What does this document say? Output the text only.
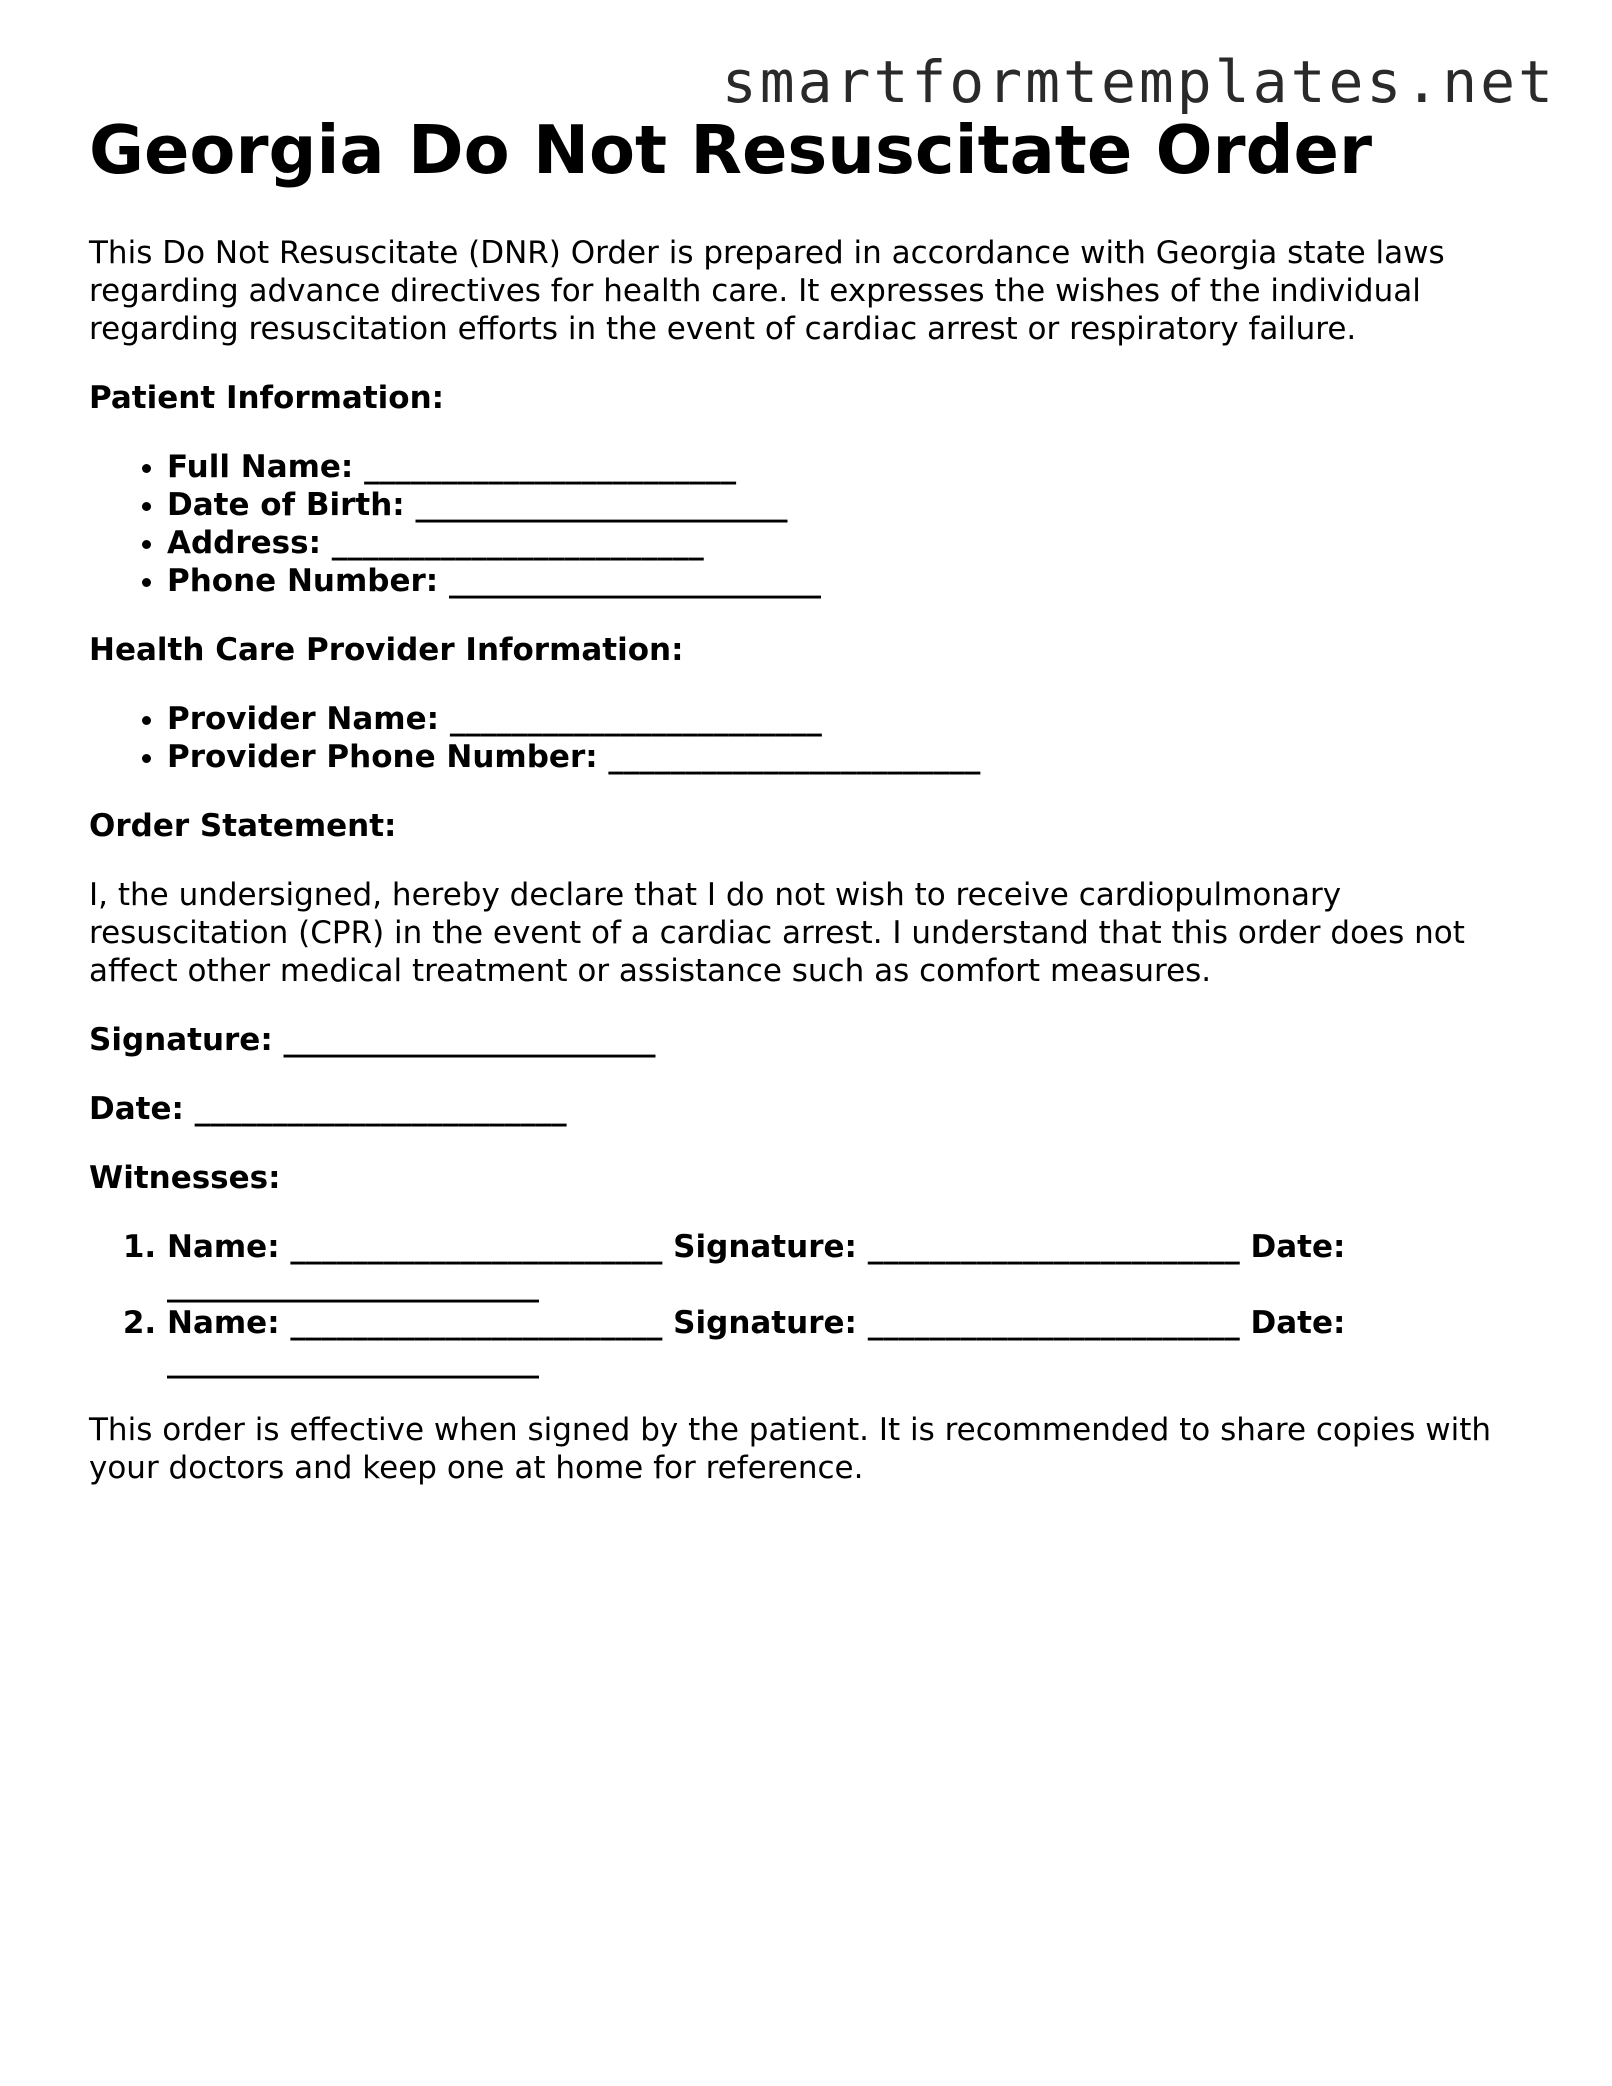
smartformtemplates.net
Georgia Do Not Resuscitate Order

This Do Not Resuscitate (DNR) Order is prepared in accordance with Georgia state laws regarding advance directives for health care. It expresses the wishes of the individual regarding resuscitation efforts in the event of cardiac arrest or respiratory failure.

Patient Information:
• Full Name: ________________________
• Date of Birth: ________________________
• Address: ________________________
• Phone Number: ________________________
Health Care Provider Information:
• Provider Name: ________________________
• Provider Phone Number: ________________________
Order Statement:

I, the undersigned, hereby declare that I do not wish to receive cardiopulmonary resuscitation (CPR) in the event of a cardiac arrest. I understand that this order does not affect other medical treatment or assistance such as comfort measures.

Signature: ________________________
Date: ________________________
Witnesses:
1. Name: ________________________ Signature: ________________________ Date: ________________________
2. Name: ________________________ Signature: ________________________ Date: ________________________

This order is effective when signed by the patient. It is recommended to share copies with your doctors and keep one at home for reference.
